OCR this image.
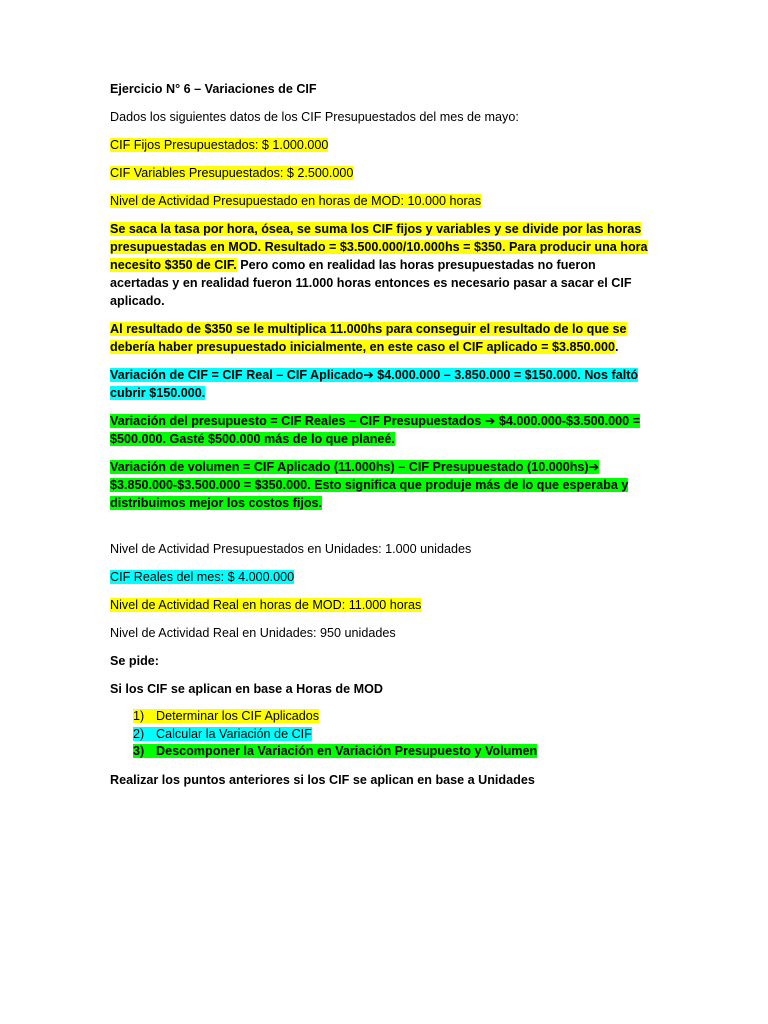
Ejercicio N° 6 – Variaciones de CIF

Dados los siguientes datos de los CIF Presupuestados del mes de mayo:

CIF Fijos Presupuestados: $ 1.000.000

CIF Variables Presupuestados: $ 2.500.000

Nivel de Actividad Presupuestado en horas de MOD: 10.000 horas

Se saca la tasa por hora, ósea, se suma los CIF fijos y variables y se divide por las horas presupuestadas en MOD. Resultado = $3.500.000/10.000hs = $350. Para producir una hora necesito $350 de CIF. Pero como en realidad las horas presupuestadas no fueron acertadas y en realidad fueron 11.000 horas entonces es necesario pasar a sacar el CIF aplicado.

Al resultado de $350 se le multiplica 11.000hs para conseguir el resultado de lo que se debería haber presupuestado inicialmente, en este caso el CIF aplicado = $3.850.000.

Variación de CIF = CIF Real – CIF Aplicado➔ $4.000.000 – 3.850.000 = $150.000. Nos faltó cubrir $150.000.

Variación del presupuesto = CIF Reales – CIF Presupuestados ➔ $4.000.000-$3.500.000 = $500.000. Gasté $500.000 más de lo que planeé.

Variación de volumen = CIF Aplicado (11.000hs) – CIF Presupuestado (10.000hs)➔ $3.850.000-$3.500.000 = $350.000. Esto significa que produje más de lo que esperaba y distribuimos mejor los costos fijos.

Nivel de Actividad Presupuestados en Unidades: 1.000 unidades

CIF Reales del mes: $ 4.000.000

Nivel de Actividad Real en horas de MOD: 11.000 horas

Nivel de Actividad Real en Unidades: 950 unidades

Se pide:

Si los CIF se aplican en base a Horas de MOD

1) Determinar los CIF Aplicados
2) Calcular la Variación de CIF
3) Descomponer la Variación en Variación Presupuesto y Volumen

Realizar los puntos anteriores si los CIF se aplican en base a Unidades
